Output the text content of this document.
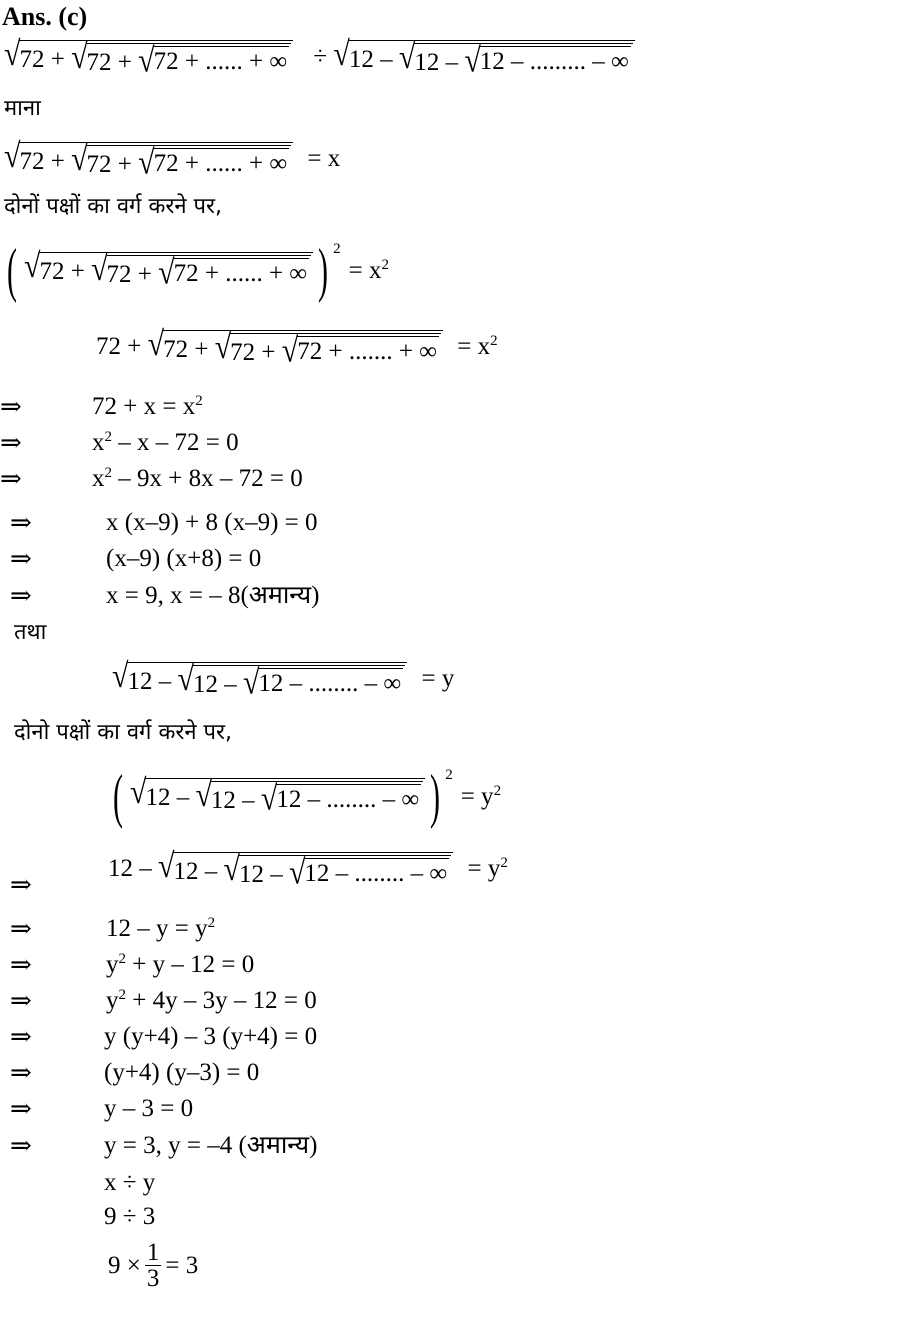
Ans. (c)
√ 72 + √ 72 + √ 72 + ...... + ∞ ÷ √ 12 – √ 12 – √ 12 – ......... – ∞
माना
√ 72 + √ 72 + √ 72 + ...... + ∞ = x
दोनों पक्षों का वर्ग करने पर,
( √ 72 + √ 72 + √ 72 + ...... + ∞ ) 2
= $x^2$
72 + √ 72 + √ 72 + √ 72 + ....... + ∞ = $x^2$
⇒	$72 + x = x^2$
⇒	$x^2 - x - 72 = 0$
⇒	$x^2 - 9x + 8x - 72 = 0$
⇒	x (x–9) + 8 (x–9) = 0
⇒	(x–9) (x+8) = 0
⇒	x = 9, x = – 8(अमान्य)
तथा
√ 12 – √ 12 – √ 12 – ........ – ∞ = y
दोनो पक्षों का वर्ग करने पर,
( √ 12 – √ 12 – √ 12 – ........ – ∞ ) 2
= $y^2$
⇒
12 – √ 12 – √ 12 – √ 12 – ........ – ∞ = $y^2$
⇒	$12 - y = y^2$
⇒	$y^2 + y - 12 = 0$
⇒	$y^2 + 4y - 3y - 12 = 0$
⇒	y (y+4) – 3 (y+4) = 0
⇒	(y+4) (y–3) = 0
⇒	y – 3 = 0
⇒	y = 3, y = –4 (अमान्य)
x ÷ y
9 ÷ 3
$9 \times \frac{1}{3} = 3$
